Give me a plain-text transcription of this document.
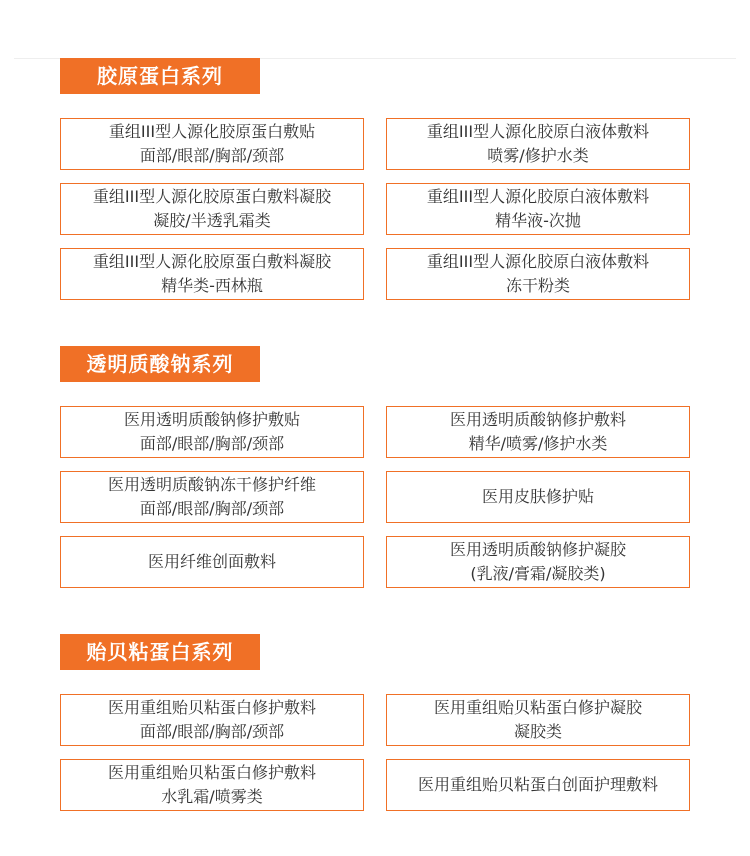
胶原蛋白系列
重组III型人源化胶原蛋白敷贴
面部/眼部/胸部/颈部
重组III型人源化胶原白液体敷料
喷雾/修护水类
重组III型人源化胶原蛋白敷料凝胶
凝胶/半透乳霜类
重组III型人源化胶原白液体敷料
精华液-次抛
重组III型人源化胶原蛋白敷料凝胶
精华类-西林瓶
重组III型人源化胶原白液体敷料
冻干粉类
透明质酸钠系列
医用透明质酸钠修护敷贴
面部/眼部/胸部/颈部
医用透明质酸钠修护敷料
精华/喷雾/修护水类
医用透明质酸钠冻干修护纤维
面部/眼部/胸部/颈部
医用皮肤修护贴
医用纤维创面敷料
医用透明质酸钠修护凝胶
(乳液/膏霜/凝胶类)
贻贝粘蛋白系列
医用重组贻贝粘蛋白修护敷料
面部/眼部/胸部/颈部
医用重组贻贝粘蛋白修护凝胶
凝胶类
医用重组贻贝粘蛋白修护敷料
水乳霜/喷雾类
医用重组贻贝粘蛋白创面护理敷料
